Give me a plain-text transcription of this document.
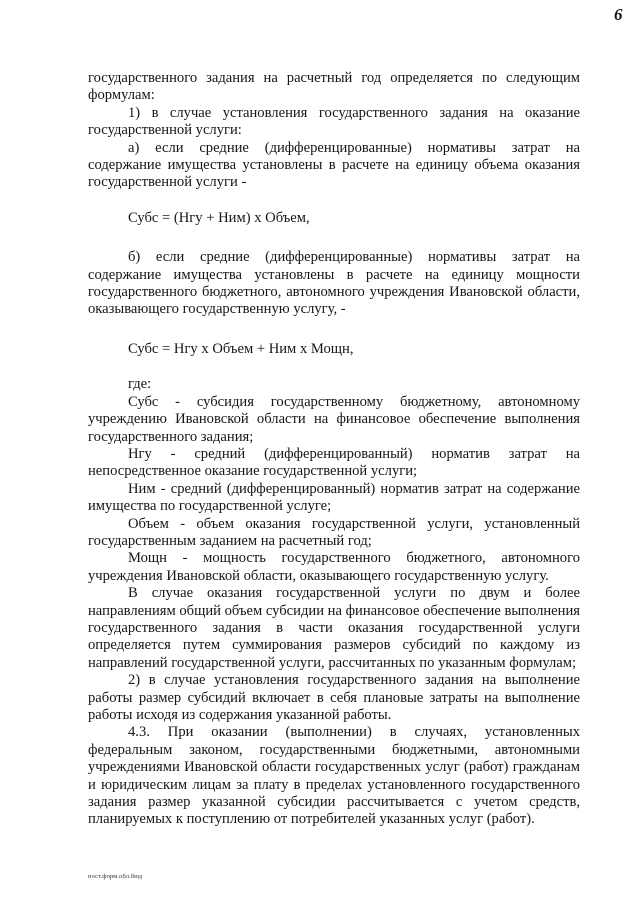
6

государственного задания на расчетный год определяется по следующим формулам:

1) в случае установления государственного задания на оказание государственной услуги:

а) если средние (дифференцированные) нормативы затрат на содержание имущества установлены в расчете на единицу объема оказания государственной услуги -

Субс = (Нгу + Ним) х Объем,

б) если средние (дифференцированные) нормативы затрат на содержание имущества установлены в расчете на единицу мощности государственного бюджетного, автономного учреждения Ивановской области, оказывающего государственную услугу, -

Субс = Нгу х Объем + Ним х Мощн,

где:

Субс - субсидия государственному бюджетному, автономному учреждению Ивановской области на финансовое обеспечение выполнения государственного задания;

Нгу - средний (дифференцированный) норматив затрат на непосредственное оказание государственной услуги;

Ним - средний (дифференцированный) норматив затрат на содержание имущества по государственной услуге;

Объем - объем оказания государственной услуги, установленный государственным заданием на расчетный год;

Мощн - мощность государственного бюджетного, автономного учреждения Ивановской области, оказывающего государственную услугу.

В случае оказания государственной услуги по двум и более направлениям общий объем субсидии на финансовое обеспечение выполнения государственного задания в части оказания государственной услуги определяется путем суммирования размеров субсидий по каждому из направлений государственной услуги, рассчитанных по указанным формулам;

2) в случае установления государственного задания на выполнение работы размер субсидий включает в себя плановые затраты на выполнение работы исходя из содержания указанной работы.

4.3. При оказании (выполнении) в случаях, установленных федеральным законом, государственными бюджетными, автономными учреждениями Ивановской области государственных услуг (работ) гражданам и юридическим лицам за плату в пределах установленного государственного задания размер указанной субсидии рассчитывается с учетом средств, планируемых к поступлению от потребителей указанных услуг (работ).

пост.форм.обл.бюд
